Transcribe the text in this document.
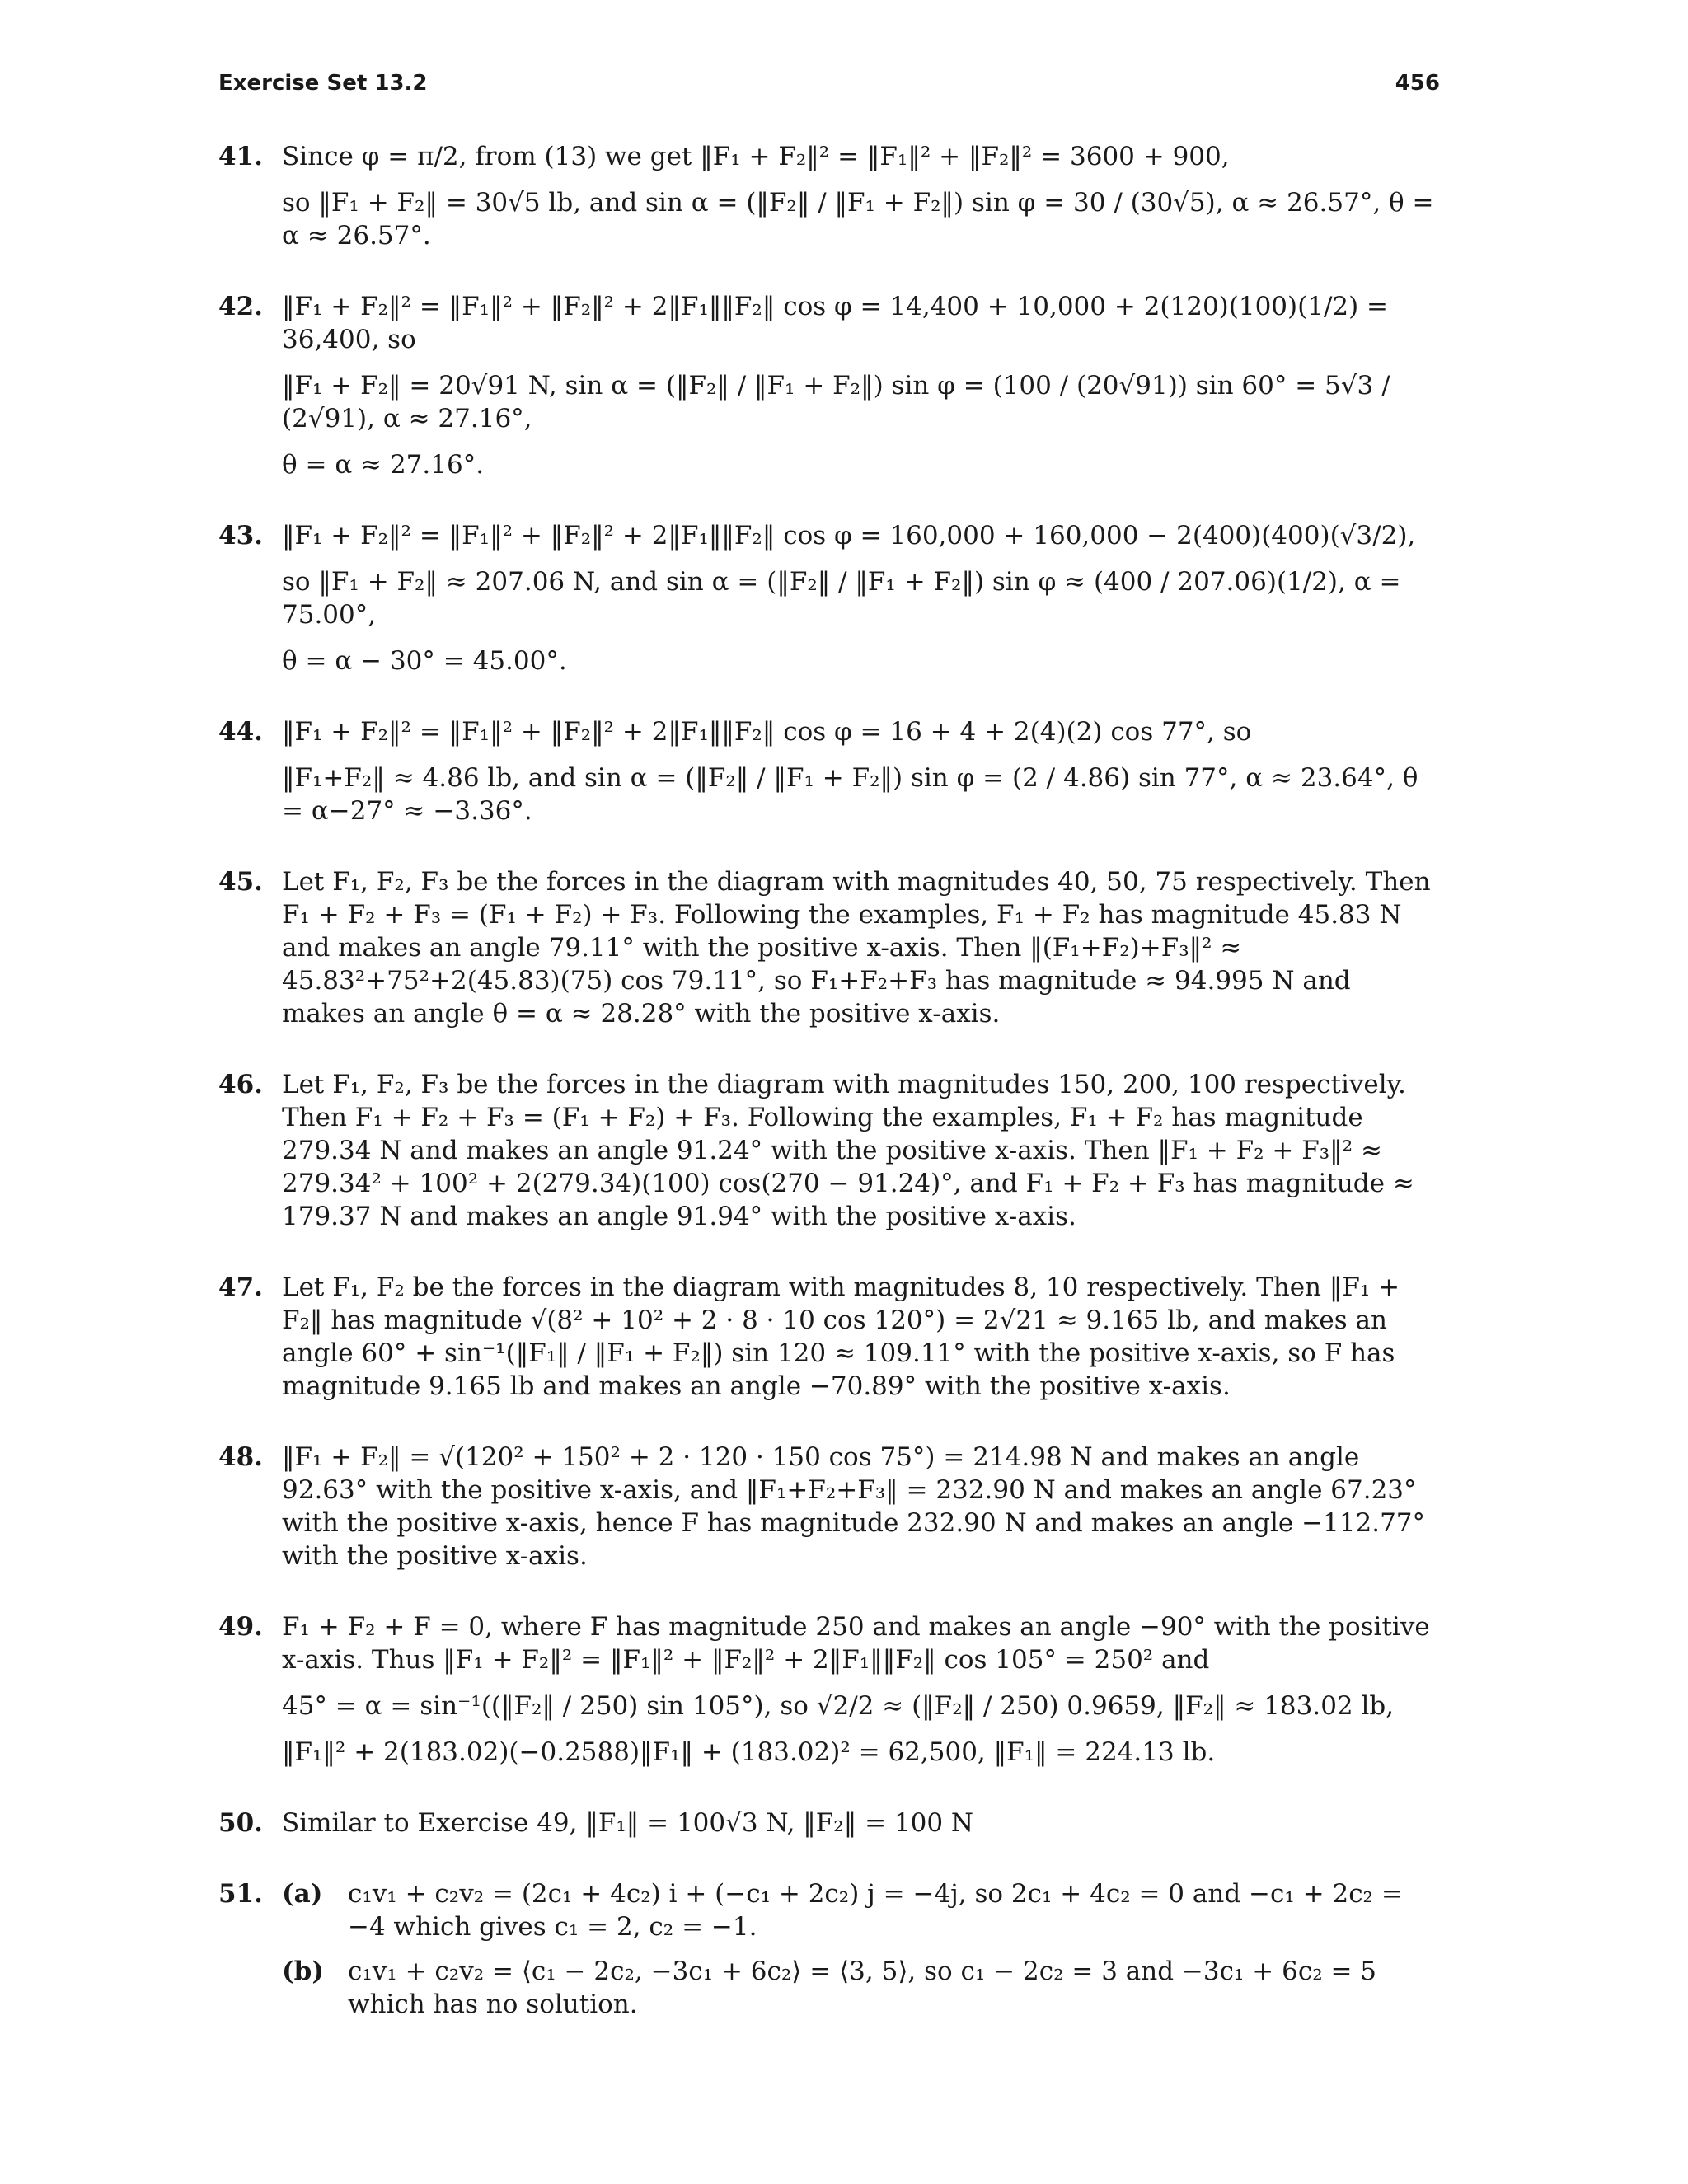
Exercise Set 13.2	456
41. Since φ = π/2, from (13) we get ‖F₁ + F₂‖² = ‖F₁‖² + ‖F₂‖² = 3600 + 900,
so ‖F₁ + F₂‖ = 30√5 lb, and sin α = (‖F₂‖ / ‖F₁ + F₂‖) sin φ = 30 / (30√5), α ≈ 26.57°, θ = α ≈ 26.57°.
42. ‖F₁ + F₂‖² = ‖F₁‖² + ‖F₂‖² + 2‖F₁‖‖F₂‖ cos φ = 14,400 + 10,000 + 2(120)(100)(1/2) = 36,400, so
‖F₁ + F₂‖ = 20√91 N, sin α = (‖F₂‖ / ‖F₁ + F₂‖) sin φ = (100 / (20√91)) sin 60° = 5√3 / (2√91), α ≈ 27.16°,
θ = α ≈ 27.16°.
43. ‖F₁ + F₂‖² = ‖F₁‖² + ‖F₂‖² + 2‖F₁‖‖F₂‖ cos φ = 160,000 + 160,000 − 2(400)(400)(√3/2),
so ‖F₁ + F₂‖ ≈ 207.06 N, and sin α = (‖F₂‖ / ‖F₁ + F₂‖) sin φ ≈ (400 / 207.06)(1/2), α = 75.00°,
θ = α − 30° = 45.00°.
44. ‖F₁ + F₂‖² = ‖F₁‖² + ‖F₂‖² + 2‖F₁‖‖F₂‖ cos φ = 16 + 4 + 2(4)(2) cos 77°, so
‖F₁+F₂‖ ≈ 4.86 lb, and sin α = (‖F₂‖ / ‖F₁ + F₂‖) sin φ = (2 / 4.86) sin 77°, α ≈ 23.64°, θ = α−27° ≈ −3.36°.
45. Let F₁, F₂, F₃ be the forces in the diagram with magnitudes 40, 50, 75 respectively. Then F₁ + F₂ + F₃ = (F₁ + F₂) + F₃. Following the examples, F₁ + F₂ has magnitude 45.83 N and makes an angle 79.11° with the positive x-axis. Then ‖(F₁+F₂)+F₃‖² ≈ 45.83²+75²+2(45.83)(75) cos 79.11°, so F₁+F₂+F₃ has magnitude ≈ 94.995 N and makes an angle θ = α ≈ 28.28° with the positive x-axis.
46. Let F₁, F₂, F₃ be the forces in the diagram with magnitudes 150, 200, 100 respectively. Then F₁ + F₂ + F₃ = (F₁ + F₂) + F₃. Following the examples, F₁ + F₂ has magnitude 279.34 N and makes an angle 91.24° with the positive x-axis. Then ‖F₁ + F₂ + F₃‖² ≈ 279.34² + 100² + 2(279.34)(100) cos(270 − 91.24)°, and F₁ + F₂ + F₃ has magnitude ≈ 179.37 N and makes an angle 91.94° with the positive x-axis.
47. Let F₁, F₂ be the forces in the diagram with magnitudes 8, 10 respectively. Then ‖F₁ + F₂‖ has magnitude √(8² + 10² + 2 · 8 · 10 cos 120°) = 2√21 ≈ 9.165 lb, and makes an angle 60° + sin⁻¹(‖F₁‖ / ‖F₁ + F₂‖) sin 120 ≈ 109.11° with the positive x-axis, so F has magnitude 9.165 lb and makes an angle −70.89° with the positive x-axis.
48. ‖F₁ + F₂‖ = √(120² + 150² + 2 · 120 · 150 cos 75°) = 214.98 N and makes an angle 92.63° with the positive x-axis, and ‖F₁+F₂+F₃‖ = 232.90 N and makes an angle 67.23° with the positive x-axis, hence F has magnitude 232.90 N and makes an angle −112.77° with the positive x-axis.
49. F₁ + F₂ + F = 0, where F has magnitude 250 and makes an angle −90° with the positive x-axis. Thus ‖F₁ + F₂‖² = ‖F₁‖² + ‖F₂‖² + 2‖F₁‖‖F₂‖ cos 105° = 250² and
45° = α = sin⁻¹((‖F₂‖ / 250) sin 105°), so √2/2 ≈ (‖F₂‖ / 250) 0.9659, ‖F₂‖ ≈ 183.02 lb,
‖F₁‖² + 2(183.02)(−0.2588)‖F₁‖ + (183.02)² = 62,500, ‖F₁‖ = 224.13 lb.
50. Similar to Exercise 49, ‖F₁‖ = 100√3 N, ‖F₂‖ = 100 N
51. (a) c₁v₁ + c₂v₂ = (2c₁ + 4c₂) i + (−c₁ + 2c₂) j = −4j, so 2c₁ + 4c₂ = 0 and −c₁ + 2c₂ = −4 which gives c₁ = 2, c₂ = −1.
(b) c₁v₁ + c₂v₂ = ⟨c₁ − 2c₂, −3c₁ + 6c₂⟩ = ⟨3, 5⟩, so c₁ − 2c₂ = 3 and −3c₁ + 6c₂ = 5 which has no solution.
